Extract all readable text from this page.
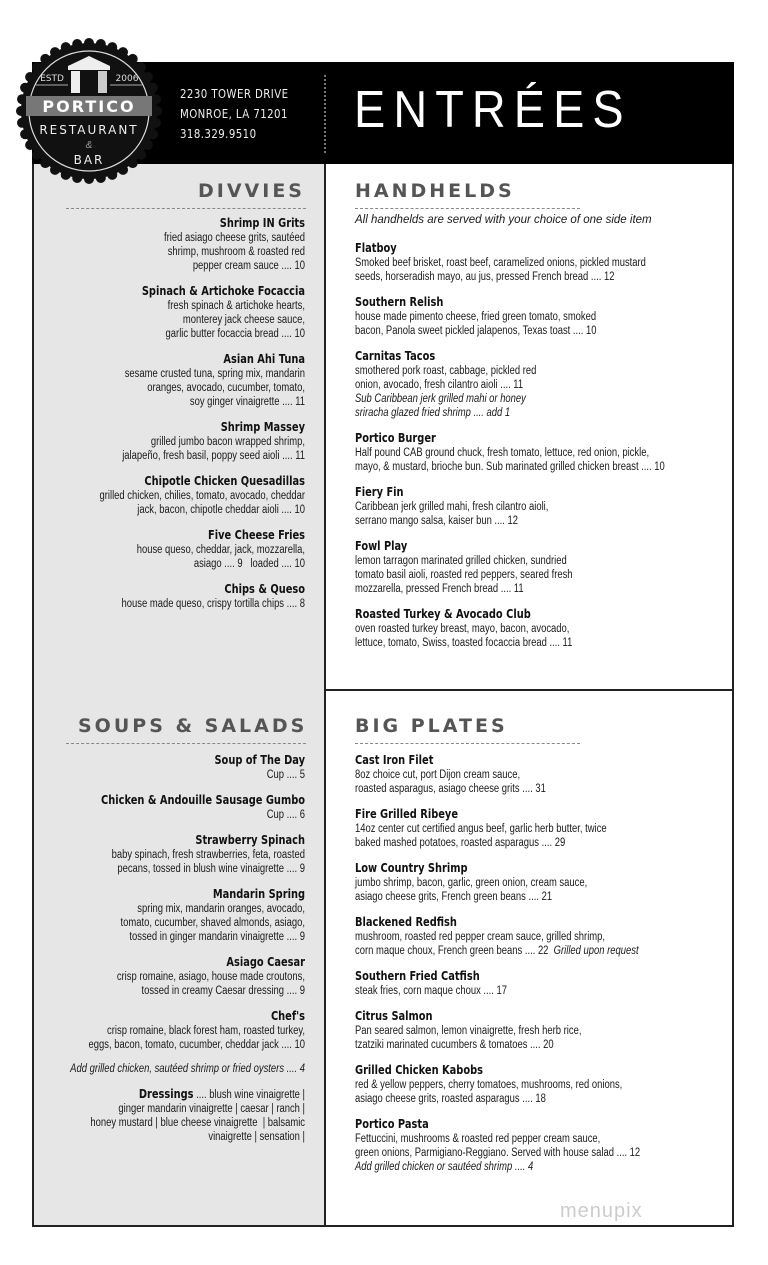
ESTD	2006
PORTICO
RESTAURANT
&
BAR
2230 TOWER DRIVE
MONROE, LA 71201
318.329.9510	ENTRÉES
DIVVIES
Shrimp IN Grits
fried asiago cheese grits, sautéed
shrimp, mushroom & roasted red
pepper cream sauce .... 10
Spinach & Artichoke Focaccia
fresh spinach & artichoke hearts,
monterey jack cheese sauce,
garlic butter focaccia bread .... 10
Asian Ahi Tuna
sesame crusted tuna, spring mix, mandarin
oranges, avocado, cucumber, tomato,
soy ginger vinaigrette .... 11
Shrimp Massey
grilled jumbo bacon wrapped shrimp,
jalapeño, fresh basil, poppy seed aioli .... 11
Chipotle Chicken Quesadillas
grilled chicken, chilies, tomato, avocado, cheddar
jack, bacon, chipotle cheddar aioli .... 10
Five Cheese Fries
house queso, cheddar, jack, mozzarella,
asiago .... 9   loaded .... 10
Chips & Queso
house made queso, crispy tortilla chips .... 8
SOUPS & SALADS
Soup of The Day
Cup .... 5
Chicken & Andouille Sausage Gumbo
Cup .... 6
Strawberry Spinach
baby spinach, fresh strawberries, feta, roasted
pecans, tossed in blush wine vinaigrette .... 9
Mandarin Spring
spring mix, mandarin oranges, avocado,
tomato, cucumber, shaved almonds, asiago,
tossed in ginger mandarin vinaigrette .... 9
Asiago Caesar
crisp romaine, asiago, house made croutons,
tossed in creamy Caesar dressing .... 9
Chef's
crisp romaine, black forest ham, roasted turkey,
eggs, bacon, tomato, cucumber, cheddar jack .... 10
Add grilled chicken, sautéed shrimp or fried oysters .... 4
Dressings .... blush wine vinaigrette |
ginger mandarin vinaigrette | caesar | ranch |
honey mustard | blue cheese vinaigrette  | balsamic
vinaigrette | sensation |
HANDHELDS
All handhelds are served with your choice of one side item
Flatboy
Smoked beef brisket, roast beef, caramelized onions, pickled mustard
seeds, horseradish mayo, au jus, pressed French bread .... 12
Southern Relish
house made pimento cheese, fried green tomato, smoked
bacon, Panola sweet pickled jalapenos, Texas toast .... 10
Carnitas Tacos
smothered pork roast, cabbage, pickled red
onion, avocado, fresh cilantro aioli .... 11
Sub Caribbean jerk grilled mahi or honey
sriracha glazed fried shrimp .... add 1
Portico Burger
Half pound CAB ground chuck, fresh tomato, lettuce, red onion, pickle,
mayo, & mustard, brioche bun. Sub marinated grilled chicken breast .... 10
Fiery Fin
Caribbean jerk grilled mahi, fresh cilantro aioli,
serrano mango salsa, kaiser bun .... 12
Fowl Play
lemon tarragon marinated grilled chicken, sundried
tomato basil aioli, roasted red peppers, seared fresh
mozzarella, pressed French bread .... 11
Roasted Turkey & Avocado Club
oven roasted turkey breast, mayo, bacon, avocado,
lettuce, tomato, Swiss, toasted focaccia bread .... 11
BIG PLATES
Cast Iron Filet
8oz choice cut, port Dijon cream sauce,
roasted asparagus, asiago cheese grits .... 31
Fire Grilled Ribeye
14oz center cut certified angus beef, garlic herb butter, twice
baked mashed potatoes, roasted asparagus .... 29
Low Country Shrimp
jumbo shrimp, bacon, garlic, green onion, cream sauce,
asiago cheese grits, French green beans .... 21
Blackened Redfish
mushroom, roasted red pepper cream sauce, grilled shrimp,
corn maque choux, French green beans .... 22 Grilled upon request
Southern Fried Catfish
steak fries, corn maque choux .... 17
Citrus Salmon
Pan seared salmon, lemon vinaigrette, fresh herb rice,
tzatziki marinated cucumbers & tomatoes .... 20
Grilled Chicken Kabobs
red & yellow peppers, cherry tomatoes, mushrooms, red onions,
asiago cheese grits, roasted asparagus .... 18
Portico Pasta
Fettuccini, mushrooms & roasted red pepper cream sauce,
green onions, Parmigiano-Reggiano. Served with house salad .... 12
Add grilled chicken or sautéed shrimp .... 4
menupix
